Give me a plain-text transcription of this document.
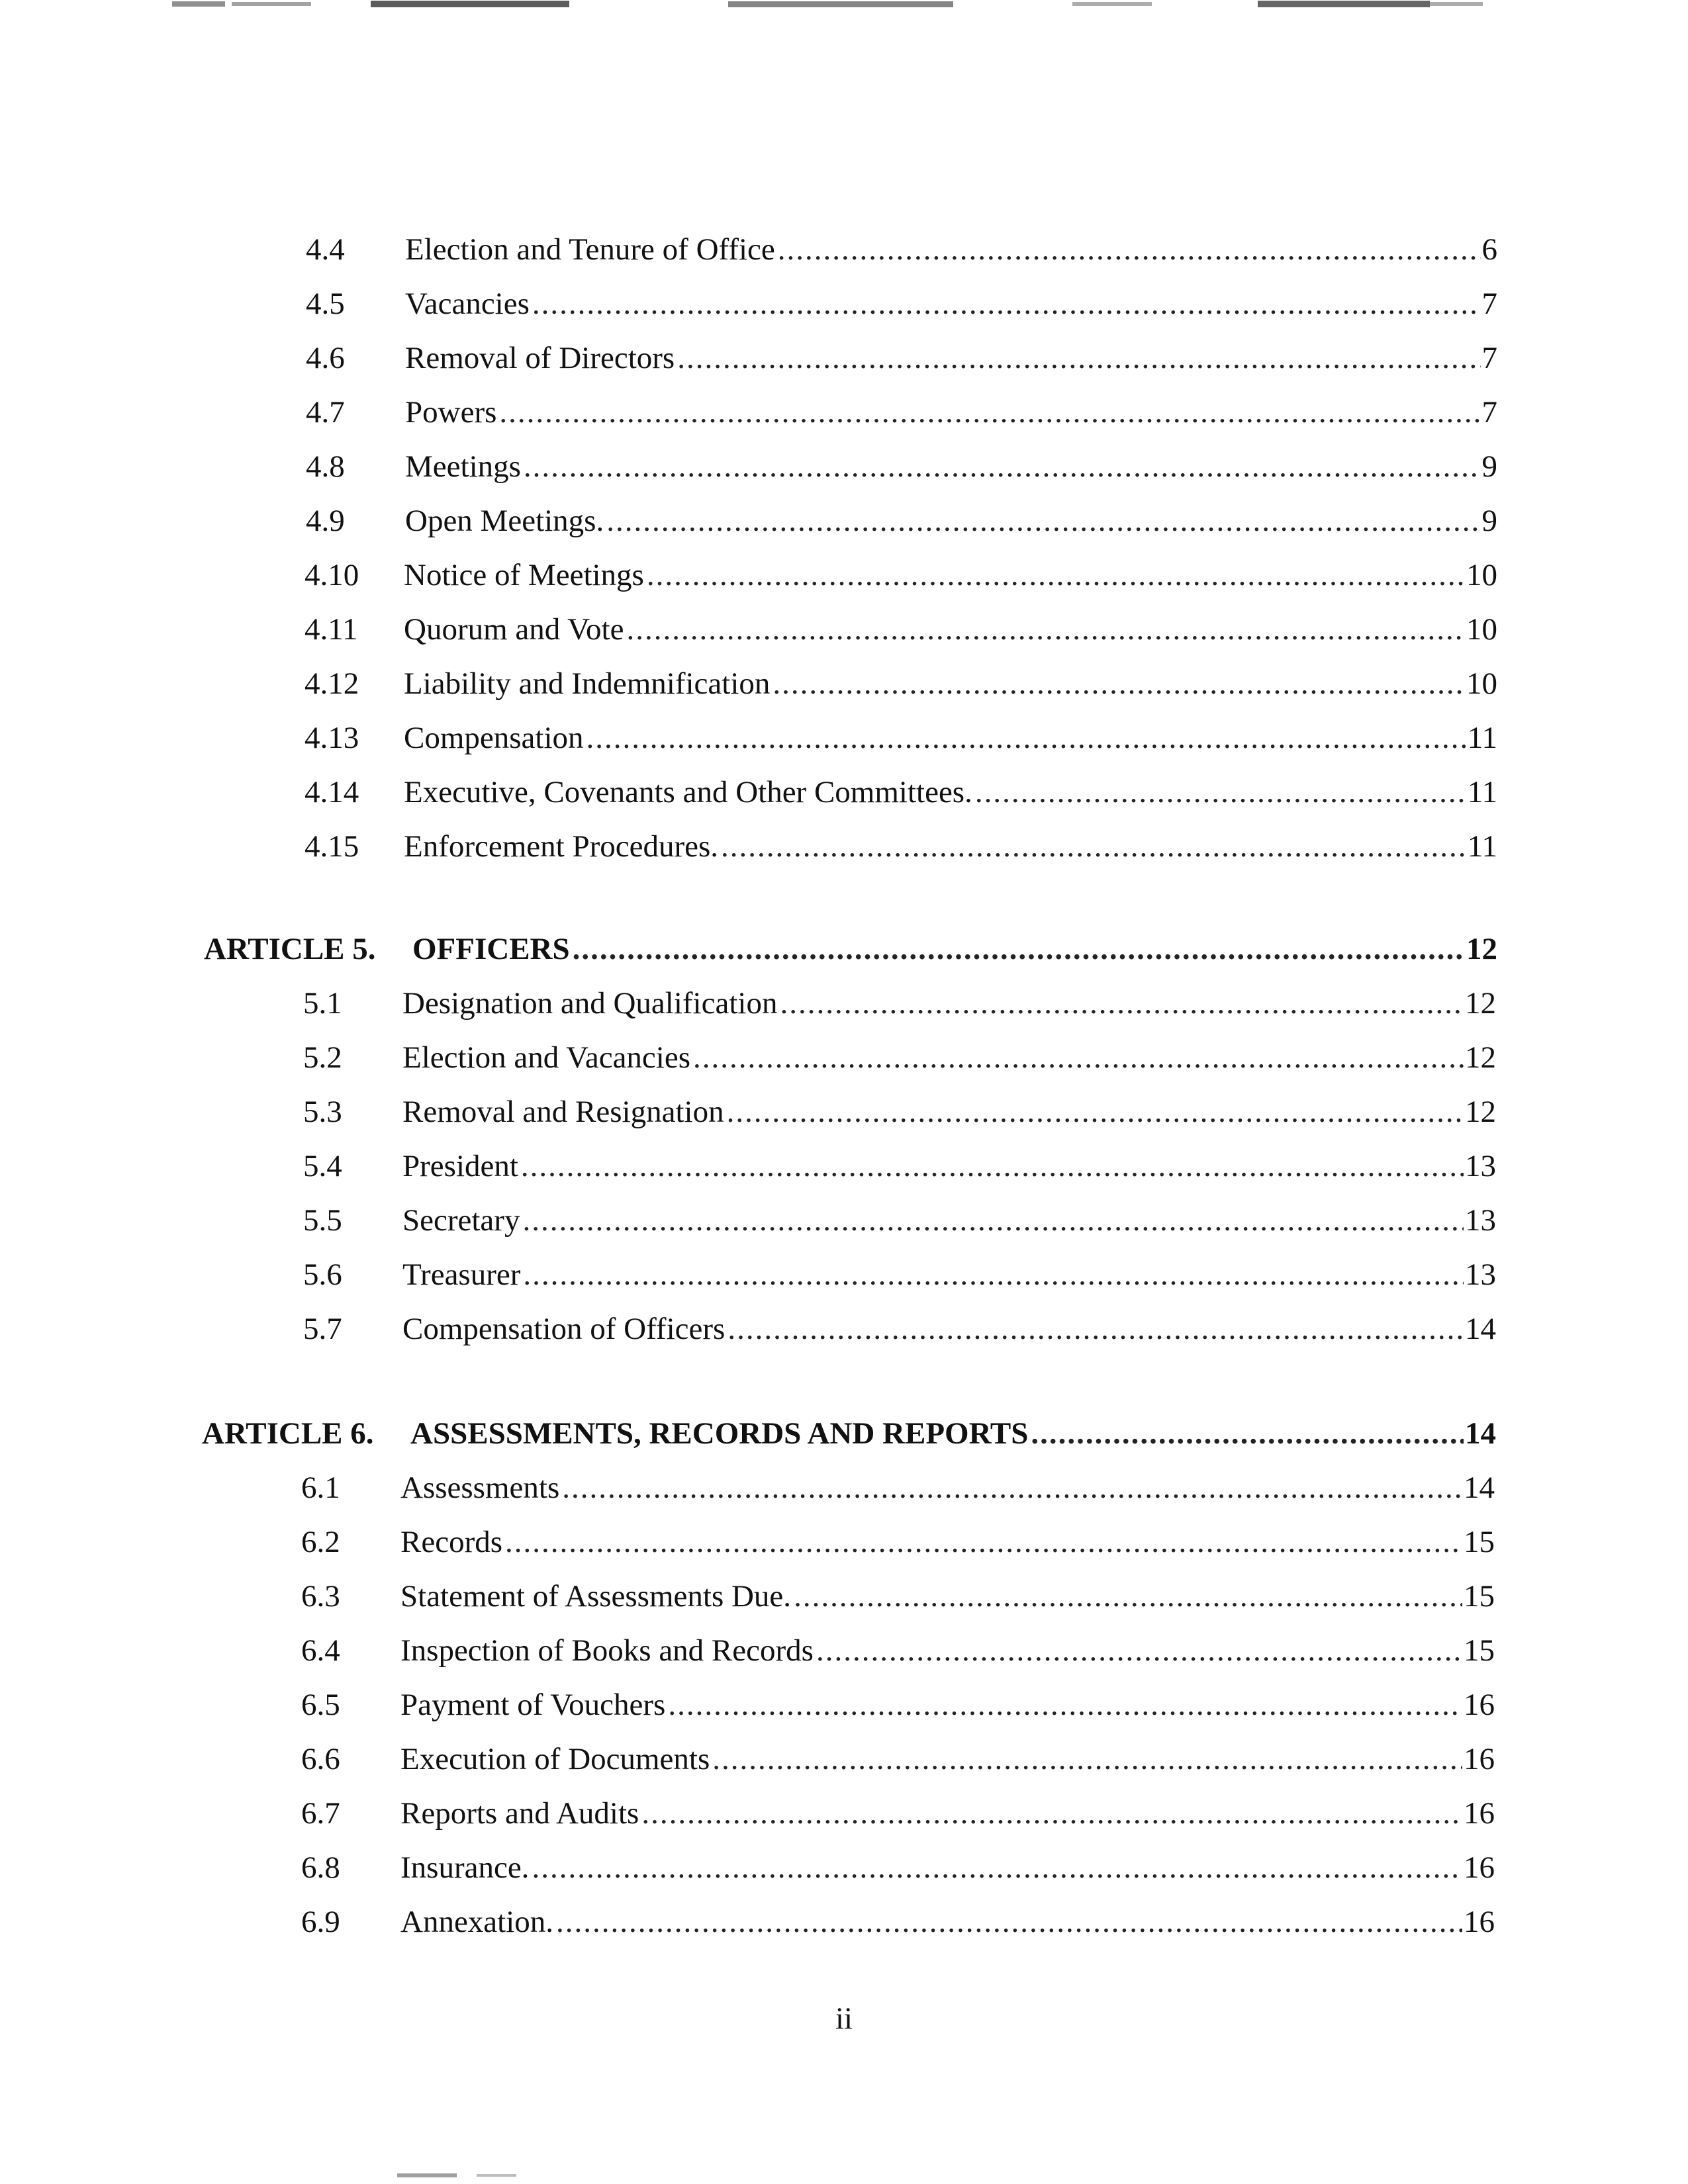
4.4 Election and Tenure of Office .....	6
4.5 Vacancies .....	7
4.6 Removal of Directors .....	7
4.7 Powers .....	7
4.8 Meetings .....	9
4.9 Open Meetings. .....	9
4.10 Notice of Meetings .....	10
4.11 Quorum and Vote .....	10
4.12 Liability and Indemnification .....	10
4.13 Compensation .....	11
4.14 Executive, Covenants and Other Committees. .....	11
4.15 Enforcement Procedures. .....	11
ARTICLE 5. OFFICERS .....	12
5.1 Designation and Qualification .....	12
5.2 Election and Vacancies .....	12
5.3 Removal and Resignation .....	12
5.4 President .....	13
5.5 Secretary .....	13
5.6 Treasurer .....	13
5.7 Compensation of Officers .....	14
ARTICLE 6. ASSESSMENTS, RECORDS AND REPORTS .....	14
6.1 Assessments .....	14
6.2 Records .....	15
6.3 Statement of Assessments Due. .....	15
6.4 Inspection of Books and Records .....	15
6.5 Payment of Vouchers .....	16
6.6 Execution of Documents .....	16
6.7 Reports and Audits .....	16
6.8 Insurance. .....	16
6.9 Annexation. .....	16
ii
